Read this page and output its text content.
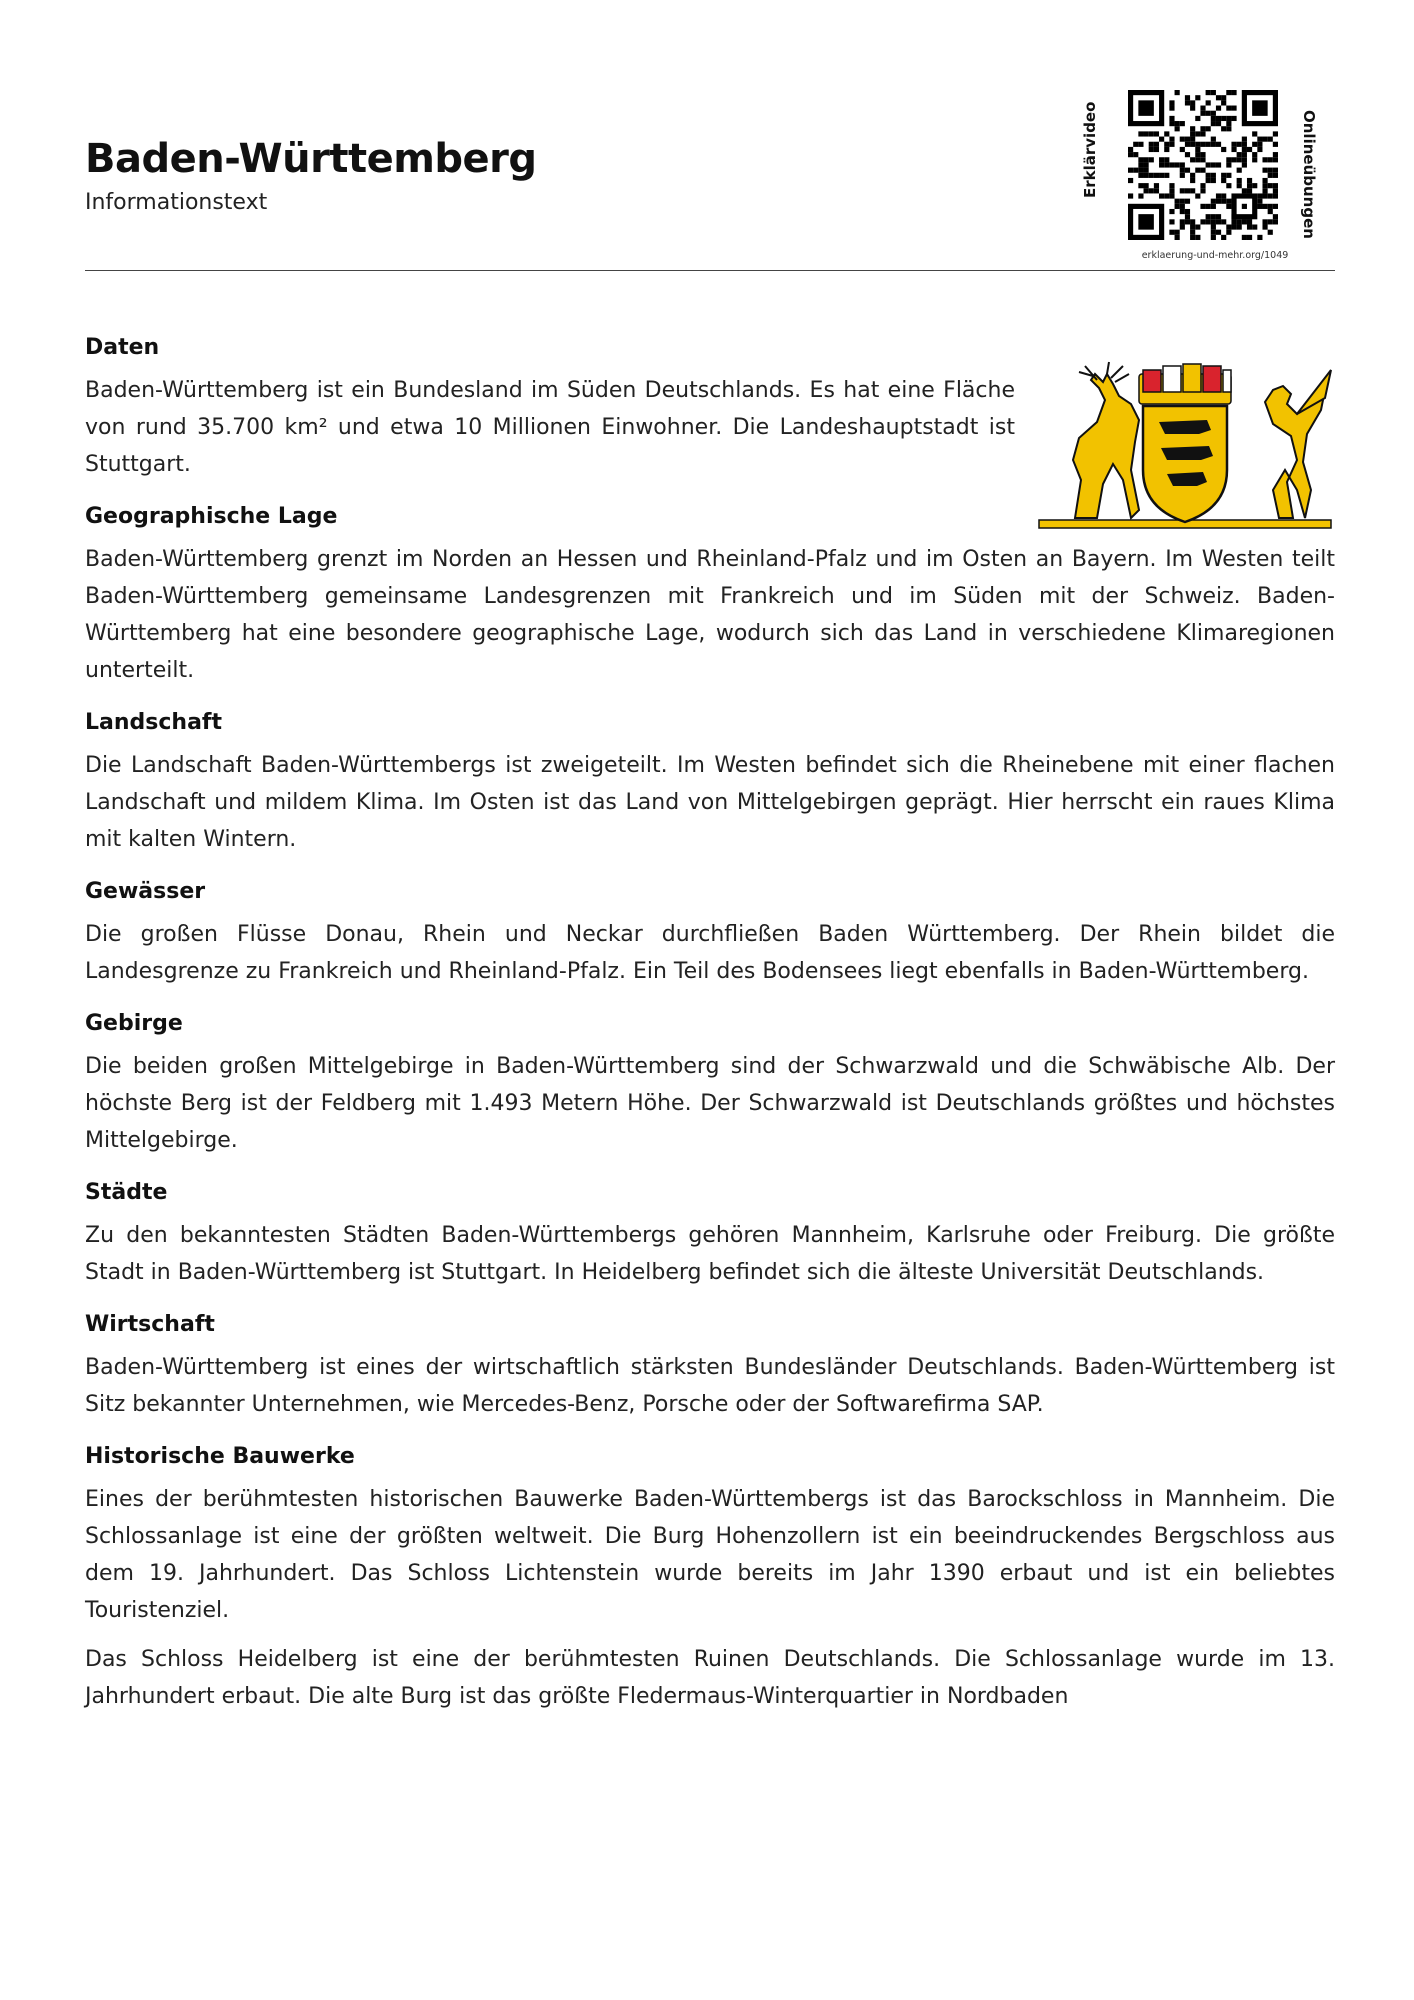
Baden-Württemberg

Informationstext

Erklärvideo	Onlineübungen
erklaerung-und-mehr.org/1049
Daten

Baden-Württemberg ist ein Bundesland im Süden Deutschlands. Es hat eine Fläche von rund 35.700 km² und etwa 10 Millionen Einwohner. Die Landeshauptstadt ist Stuttgart.

Geographische Lage

Baden-Württemberg grenzt im Norden an Hessen und Rheinland-Pfalz und im Osten an Bayern. Im Westen teilt Baden-Württemberg gemeinsame Landesgrenzen mit Frankreich und im Süden mit der Schweiz. Baden-Württemberg hat eine besondere geographische Lage, wodurch sich das Land in verschiedene Klimaregionen unterteilt.

Landschaft

Die Landschaft Baden-Württembergs ist zweigeteilt. Im Westen befindet sich die Rheinebene mit einer flachen Landschaft und mildem Klima. Im Osten ist das Land von Mittelgebirgen geprägt. Hier herrscht ein raues Klima mit kalten Wintern.

Gewässer

Die großen Flüsse Donau, Rhein und Neckar durchfließen Baden Württemberg. Der Rhein bildet die Landesgrenze zu Frankreich und Rheinland-Pfalz. Ein Teil des Bodensees liegt ebenfalls in Baden-Württemberg.

Gebirge

Die beiden großen Mittelgebirge in Baden-Württemberg sind der Schwarzwald und die Schwäbische Alb. Der höchste Berg ist der Feldberg mit 1.493 Metern Höhe. Der Schwarzwald ist Deutschlands größtes und höchstes Mittelgebirge.

Städte

Zu den bekanntesten Städten Baden-Württembergs gehören Mannheim, Karlsruhe oder Freiburg. Die größte Stadt in Baden-Württemberg ist Stuttgart. In Heidelberg befindet sich die älteste Universität Deutschlands.

Wirtschaft

Baden-Württemberg ist eines der wirtschaftlich stärksten Bundesländer Deutschlands. Baden-Württemberg ist Sitz bekannter Unternehmen, wie Mercedes-Benz, Porsche oder der Softwarefirma SAP.

Historische Bauwerke

Eines der berühmtesten historischen Bauwerke Baden-Württembergs ist das Barockschloss in Mannheim. Die Schlossanlage ist eine der größten weltweit. Die Burg Hohenzollern ist ein beeindruckendes Bergschloss aus dem 19. Jahrhundert. Das Schloss Lichtenstein wurde bereits im Jahr 1390 erbaut und ist ein beliebtes Touristenziel.

Das Schloss Heidelberg ist eine der berühmtesten Ruinen Deutschlands. Die Schlossanlage wurde im 13. Jahrhundert erbaut. Die alte Burg ist das größte Fledermaus-Winterquartier in Nordbaden
